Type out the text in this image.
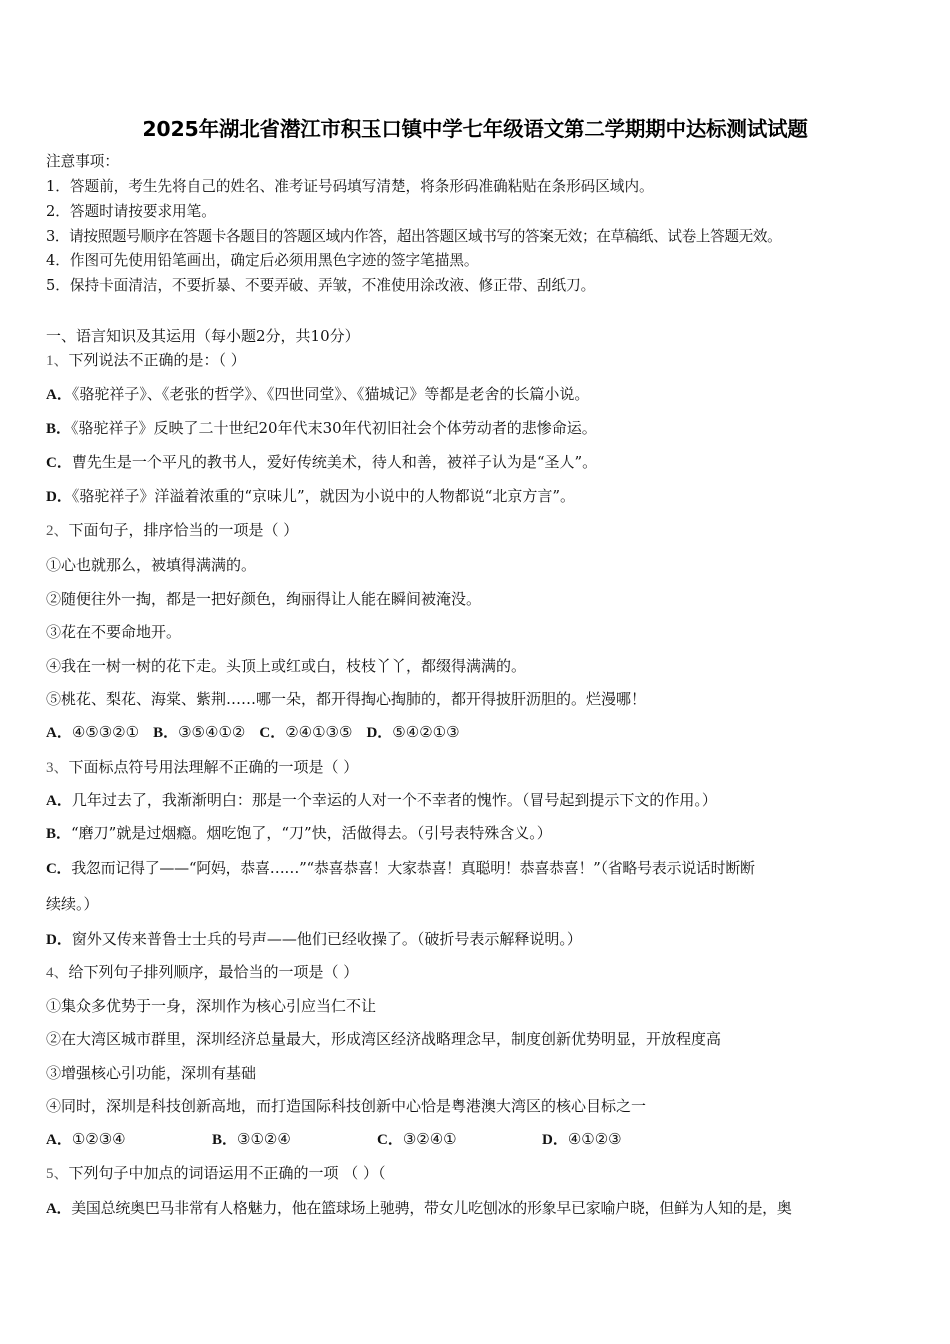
2025年湖北省潜江市积玉口镇中学七年级语文第二学期期中达标测试试题
注意事项：
1．答题前，考生先将自己的姓名、准考证号码填写清楚，将条形码准确粘贴在条形码区域内。
2．答题时请按要求用笔。
3．请按照题号顺序在答题卡各题目的答题区域内作答，超出答题区域书写的答案无效；在草稿纸、试卷上答题无效。
4．作图可先使用铅笔画出，确定后必须用黑色字迹的签字笔描黑。
5．保持卡面清洁，不要折暴、不要弄破、弄皱，不准使用涂改液、修正带、刮纸刀。
一、语言知识及其运用（每小题2分，共10分）
1、下列说法不正确的是：（ ）
A．《骆驼祥子》、《老张的哲学》、《四世同堂》、《猫城记》等都是老舍的长篇小说。
B．《骆驼祥子》反映了二十世纪20年代末30年代初旧社会个体劳动者的悲惨命运。
C．曹先生是一个平凡的教书人，爱好传统美术，待人和善，被祥子认为是“圣人”。
D．《骆驼祥子》洋溢着浓重的“京味儿”，就因为小说中的人物都说“北京方言”。
2、下面句子，排序恰当的一项是（ ）
①心也就那么，被填得满满的。
②随便往外一掏，都是一把好颜色，绚丽得让人能在瞬间被淹没。
③花在不要命地开。
④我在一树一树的花下走。头顶上或红或白，枝枝丫丫，都缀得满满的。
⑤桃花、梨花、海棠、紫荆……哪一朵，都开得掏心掏肺的，都开得披肝沥胆的。烂漫哪！
A．④⑤③②① B．③⑤④①② C．②④①③⑤ D．⑤④②①③
3、下面标点符号用法理解不正确的一项是（ ）
A．几年过去了，我渐渐明白：那是一个幸运的人对一个不幸者的愧怍。（冒号起到提示下文的作用。）
B．“磨刀”就是过烟瘾。烟吃饱了，“刀”快，活做得去。（引号表特殊含义。）
C．我忽而记得了——“阿妈，恭喜……”“恭喜恭喜！大家恭喜！真聪明！恭喜恭喜！”（省略号表示说话时断断
续续。）
D．窗外又传来普鲁士士兵的号声——他们已经收操了。（破折号表示解释说明。）
4、给下列句子排列顺序，最恰当的一项是（ ）
①集众多优势于一身，深圳作为核心引应当仁不让
②在大湾区城市群里，深圳经济总量最大，形成湾区经济战略理念早，制度创新优势明显，开放程度高
③增强核心引功能，深圳有基础
④同时，深圳是科技创新高地，而打造国际科技创新中心恰是粤港澳大湾区的核心目标之一
A．①②③④	B．③①②④	C．③②④①	D．④①②③
5、下列句子中加点的词语运用不正确的一项 （ ）（
A．美国总统奥巴马非常有人格魅力，他在篮球场上驰骋，带女儿吃刨冰的形象早已家喻户晓，但鲜为人知的是，奥
